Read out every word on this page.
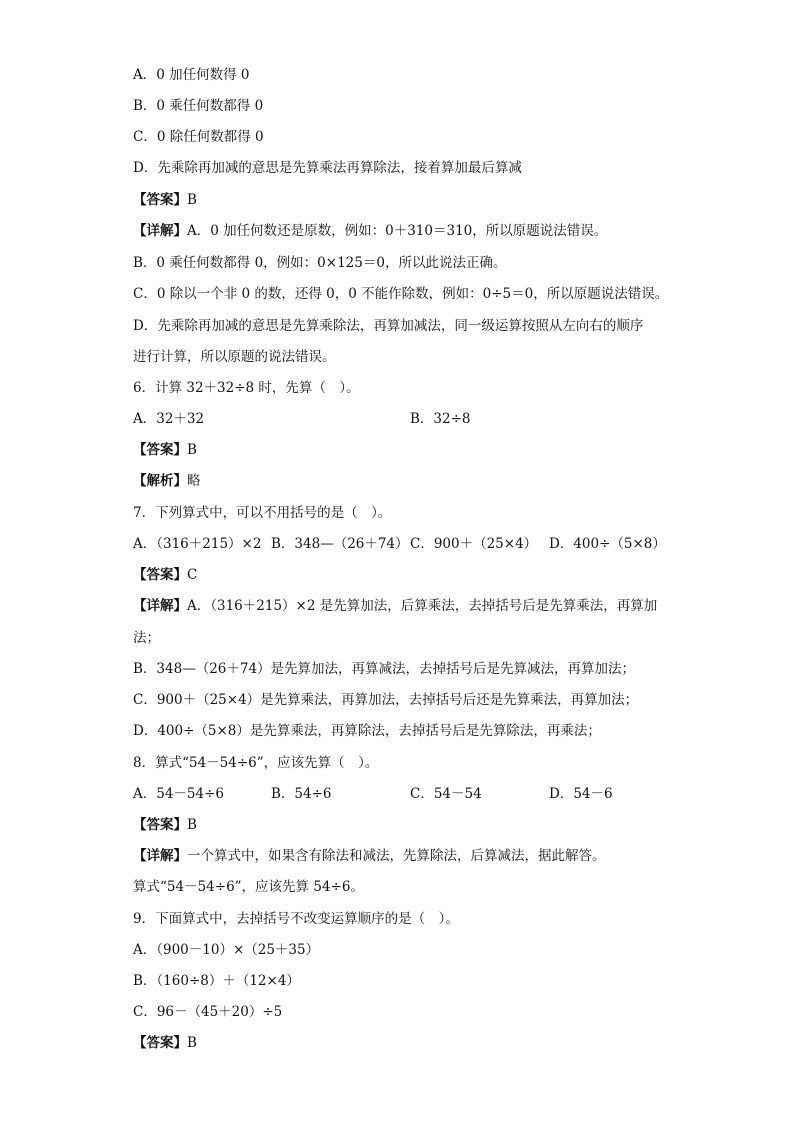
A．0 加任何数得 0
B．0 乘任何数都得 0
C．0 除任何数都得 0
D．先乘除再加减的意思是先算乘法再算除法，接着算加最后算减
【答案】B
【详解】A．0 加任何数还是原数，例如：0＋310＝310，所以原题说法错误。
B．0 乘任何数都得 0，例如：0×125＝0，所以此说法正确。
C．0 除以一个非 0 的数，还得 0，0 不能作除数，例如：0÷5＝0，所以原题说法错误。
D．先乘除再加减的意思是先算乘除法，再算加减法，同一级运算按照从左向右的顺序
进行计算，所以原题的说法错误。
6．计算 32＋32÷8 时，先算（　）。
A．32＋32	B．32÷8
【答案】B
【解析】略
7．下列算式中，可以不用括号的是（　）。
A．（316＋215）×2 B．348—（26＋74） C．900＋（25×4） D．400÷（5×8）
【答案】C
【详解】A．（316＋215）×2 是先算加法，后算乘法，去掉括号后是先算乘法，再算加
法；
B．348—（26＋74）是先算加法，再算减法，去掉括号后是先算减法，再算加法；
C．900＋（25×4）是先算乘法，再算加法，去掉括号后还是先算乘法，再算加法；
D．400÷（5×8）是先算乘法，再算除法，去掉括号后是先算除法，再乘法；
8．算式“54－54÷6”，应该先算（　）。
A．54－54÷6	B．54÷6	C．54－54	D．54－6
【答案】B
【详解】一个算式中，如果含有除法和减法，先算除法，后算减法，据此解答。
算式“54－54÷6”，应该先算 54÷6。
9．下面算式中，去掉括号不改变运算顺序的是（　）。
A．（900－10）×（25＋35）
B．（160÷8）＋（12×4）
C．96－（45＋20）÷5
【答案】B
